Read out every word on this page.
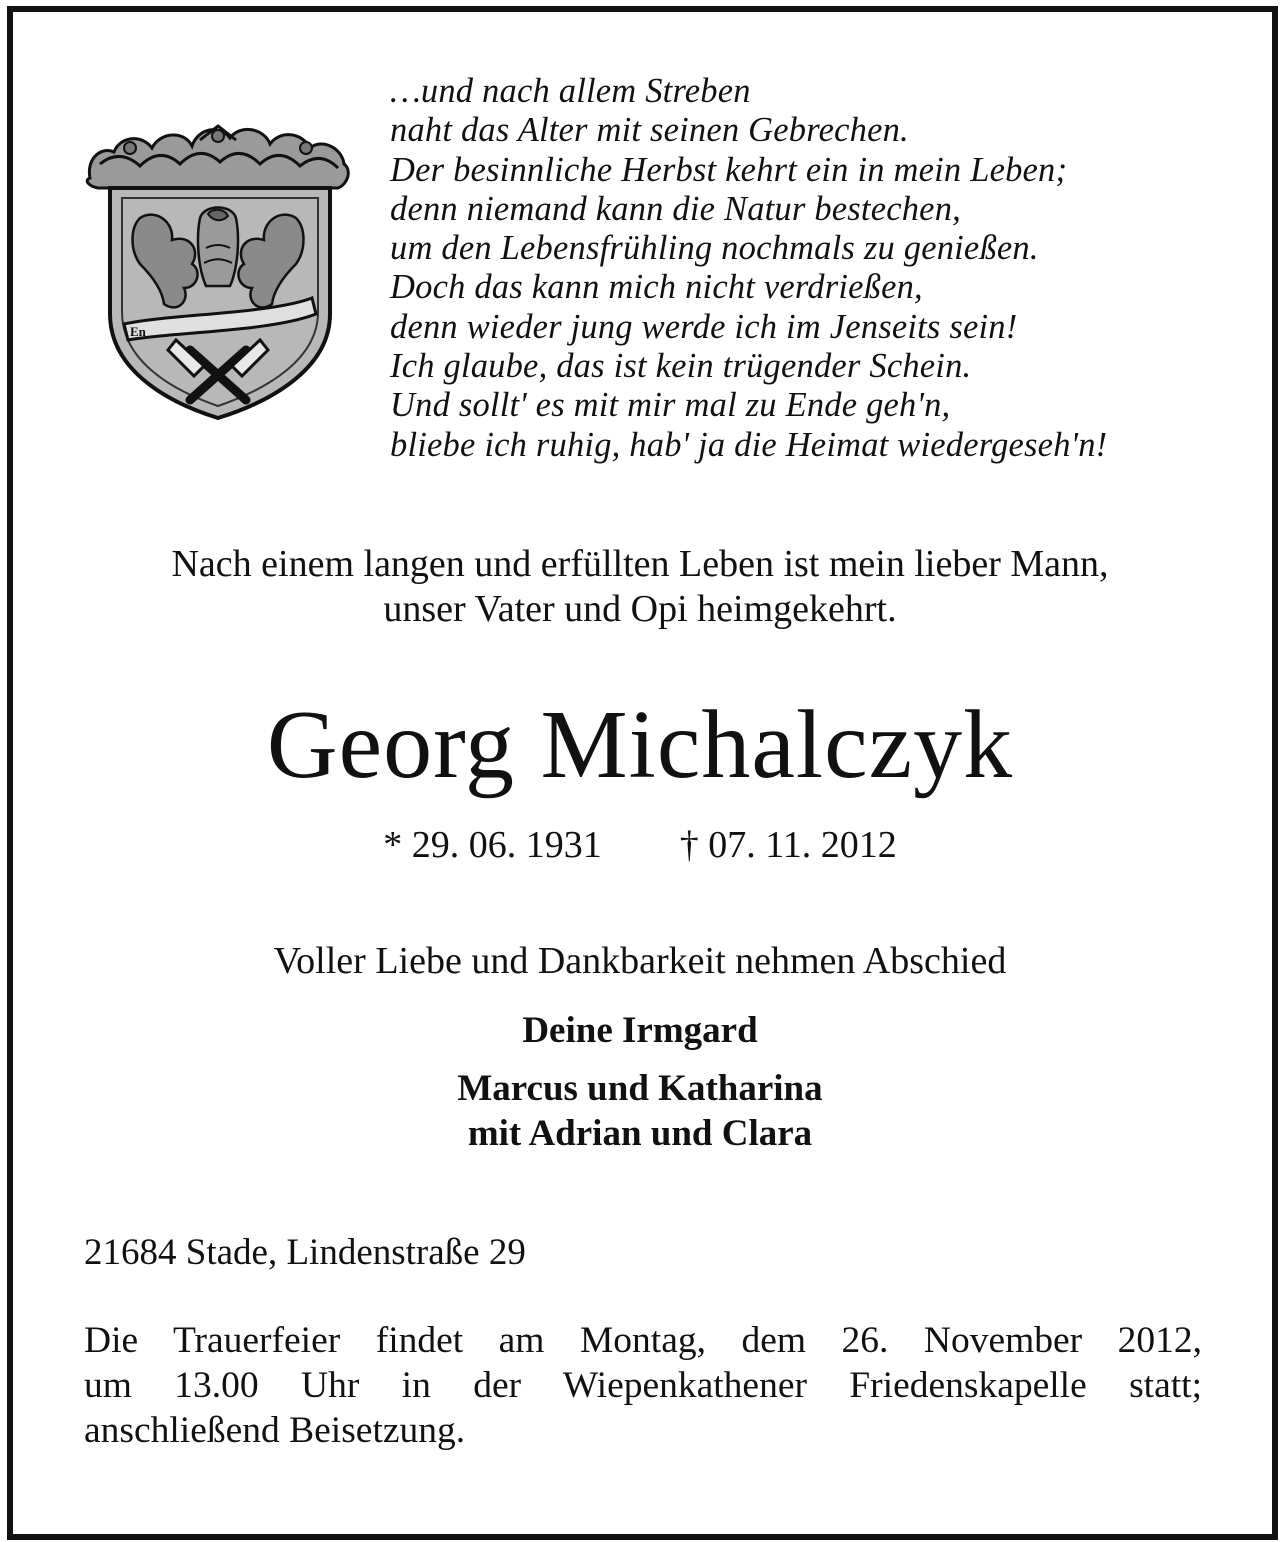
En
…und nach allem Streben
naht das Alter mit seinen Gebrechen.
Der besinnliche Herbst kehrt ein in mein Leben;
denn niemand kann die Natur bestechen,
um den Lebensfrühling nochmals zu genießen.
Doch das kann mich nicht verdrießen,
denn wieder jung werde ich im Jenseits sein!
Ich glaube, das ist kein trügender Schein.
Und sollt' es mit mir mal zu Ende geh'n,
bliebe ich ruhig, hab' ja die Heimat wiedergeseh'n!
Nach einem langen und erfüllten Leben ist mein lieber Mann,
unser Vater und Opi heimgekehrt.
Georg Michalczyk
* 29. 06. 1931 † 07. 11. 2012
Voller Liebe und Dankbarkeit nehmen Abschied
Deine Irmgard
Marcus und Katharina
mit Adrian und Clara
21684 Stade, Lindenstraße 29
Die Trauerfeier findet am Montag, dem 26. November 2012,
um 13.00 Uhr in der Wiepenkathener Friedenskapelle statt;
anschließend Beisetzung.
